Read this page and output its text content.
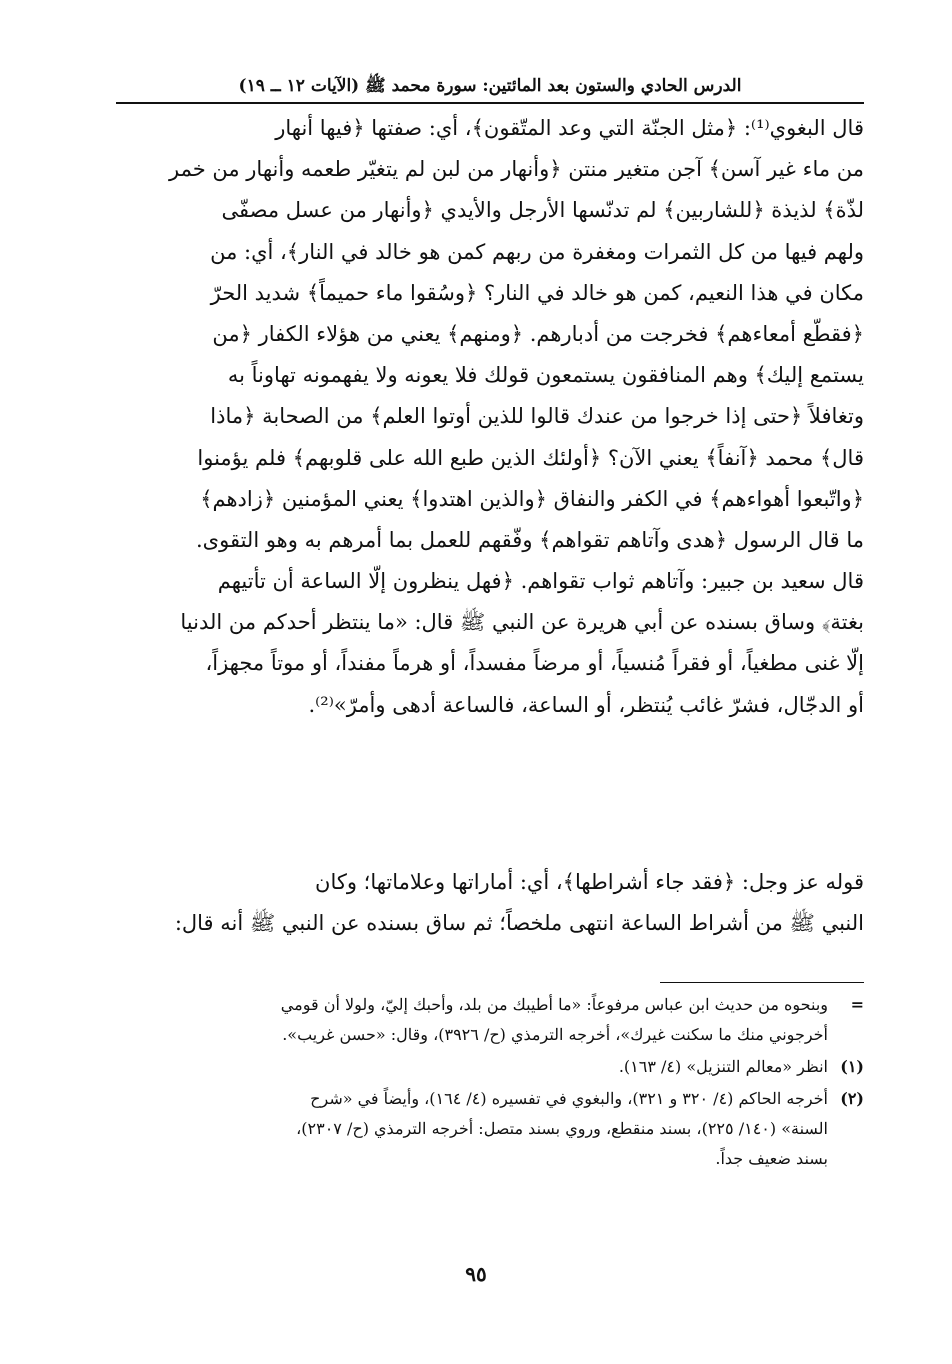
الدرس الحادي والستون بعد المائتين: سورة محمد ﷺ (الآيات ١٢ ــ ١٩)
قال البغوي⁽¹⁾: ﴿مثل الجنّة التي وعد المتّقون﴾، أي: صفتها ﴿فيها أنهار
من ماء غير آسن﴾ آجن متغير منتن ﴿وأنهار من لبن لم يتغيّر طعمه وأنهار من خمر
لذّة﴾ لذيذة ﴿للشاربين﴾ لم تدنّسها الأرجل والأيدي ﴿وأنهار من عسل مصفّى
ولهم فيها من كل الثمرات ومغفرة من ربهم كمن هو خالد في النار﴾، أي: من
مكان في هذا النعيم، كمن هو خالد في النار؟ ﴿وسُقوا ماء حميماً﴾ شديد الحرّ
﴿فقطّع أمعاءهم﴾ فخرجت من أدبارهم. ﴿ومنهم﴾ يعني من هؤلاء الكفار ﴿من
يستمع إليك﴾ وهم المنافقون يستمعون قولك فلا يعونه ولا يفهمونه تهاوناً به
وتغافلاً ﴿حتى إذا خرجوا من عندك قالوا للذين أوتوا العلم﴾ من الصحابة ﴿ماذا
قال﴾ محمد ﴿آنفاً﴾ يعني الآن؟ ﴿أولئك الذين طبع الله على قلوبهم﴾ فلم يؤمنوا
﴿واتّبعوا أهواءهم﴾ في الكفر والنفاق ﴿والذين اهتدوا﴾ يعني المؤمنين ﴿زادهم﴾
ما قال الرسول ﴿هدى وآتاهم تقواهم﴾ وفّقهم للعمل بما أمرهم به وهو التقوى.
قال سعيد بن جبير: وآتاهم ثواب تقواهم. ﴿فهل ينظرون إلّا الساعة أن تأتيهم
بغتة﴾ وساق بسنده عن أبي هريرة عن النبي ﷺ قال: «ما ينتظر أحدكم من الدنيا
إلّا غنى مطغياً، أو فقراً مُنسياً، أو مرضاً مفسداً، أو هرماً مفنداً، أو موتاً مجهزاً،
أو الدجّال، فشرّ غائب يُنتظر، أو الساعة، فالساعة أدهى وأمرّ»⁽²⁾.
قوله عز وجل: ﴿فقد جاء أشراطها﴾، أي: أماراتها وعلاماتها؛ وكان
النبي ﷺ من أشراط الساعة انتهى ملخصاً؛ ثم ساق بسنده عن النبي ﷺ أنه قال:
=وبنحوه من حديث ابن عباس مرفوعاً: «ما أطيبك من بلد، وأحبك إليّ، ولولا أن قومي
أخرجوني منك ما سكنت غيرك»، أخرجه الترمذي (ح/ ٣٩٢٦)، وقال: «حسن غريب».
(١)انظر «معالم التنزيل» (٤/ ١٦٣).
(٢)أخرجه الحاكم (٤/ ٣٢٠ و ٣٢١)، والبغوي في تفسيره (٤/ ١٦٤)، وأيضاً في «شرح
السنة» (١٤٠/ ٢٢٥)، بسند منقطع، وروي بسند متصل: أخرجه الترمذي (ح/ ٢٣٠٧)،
بسند ضعيف جداً.
٩٥
